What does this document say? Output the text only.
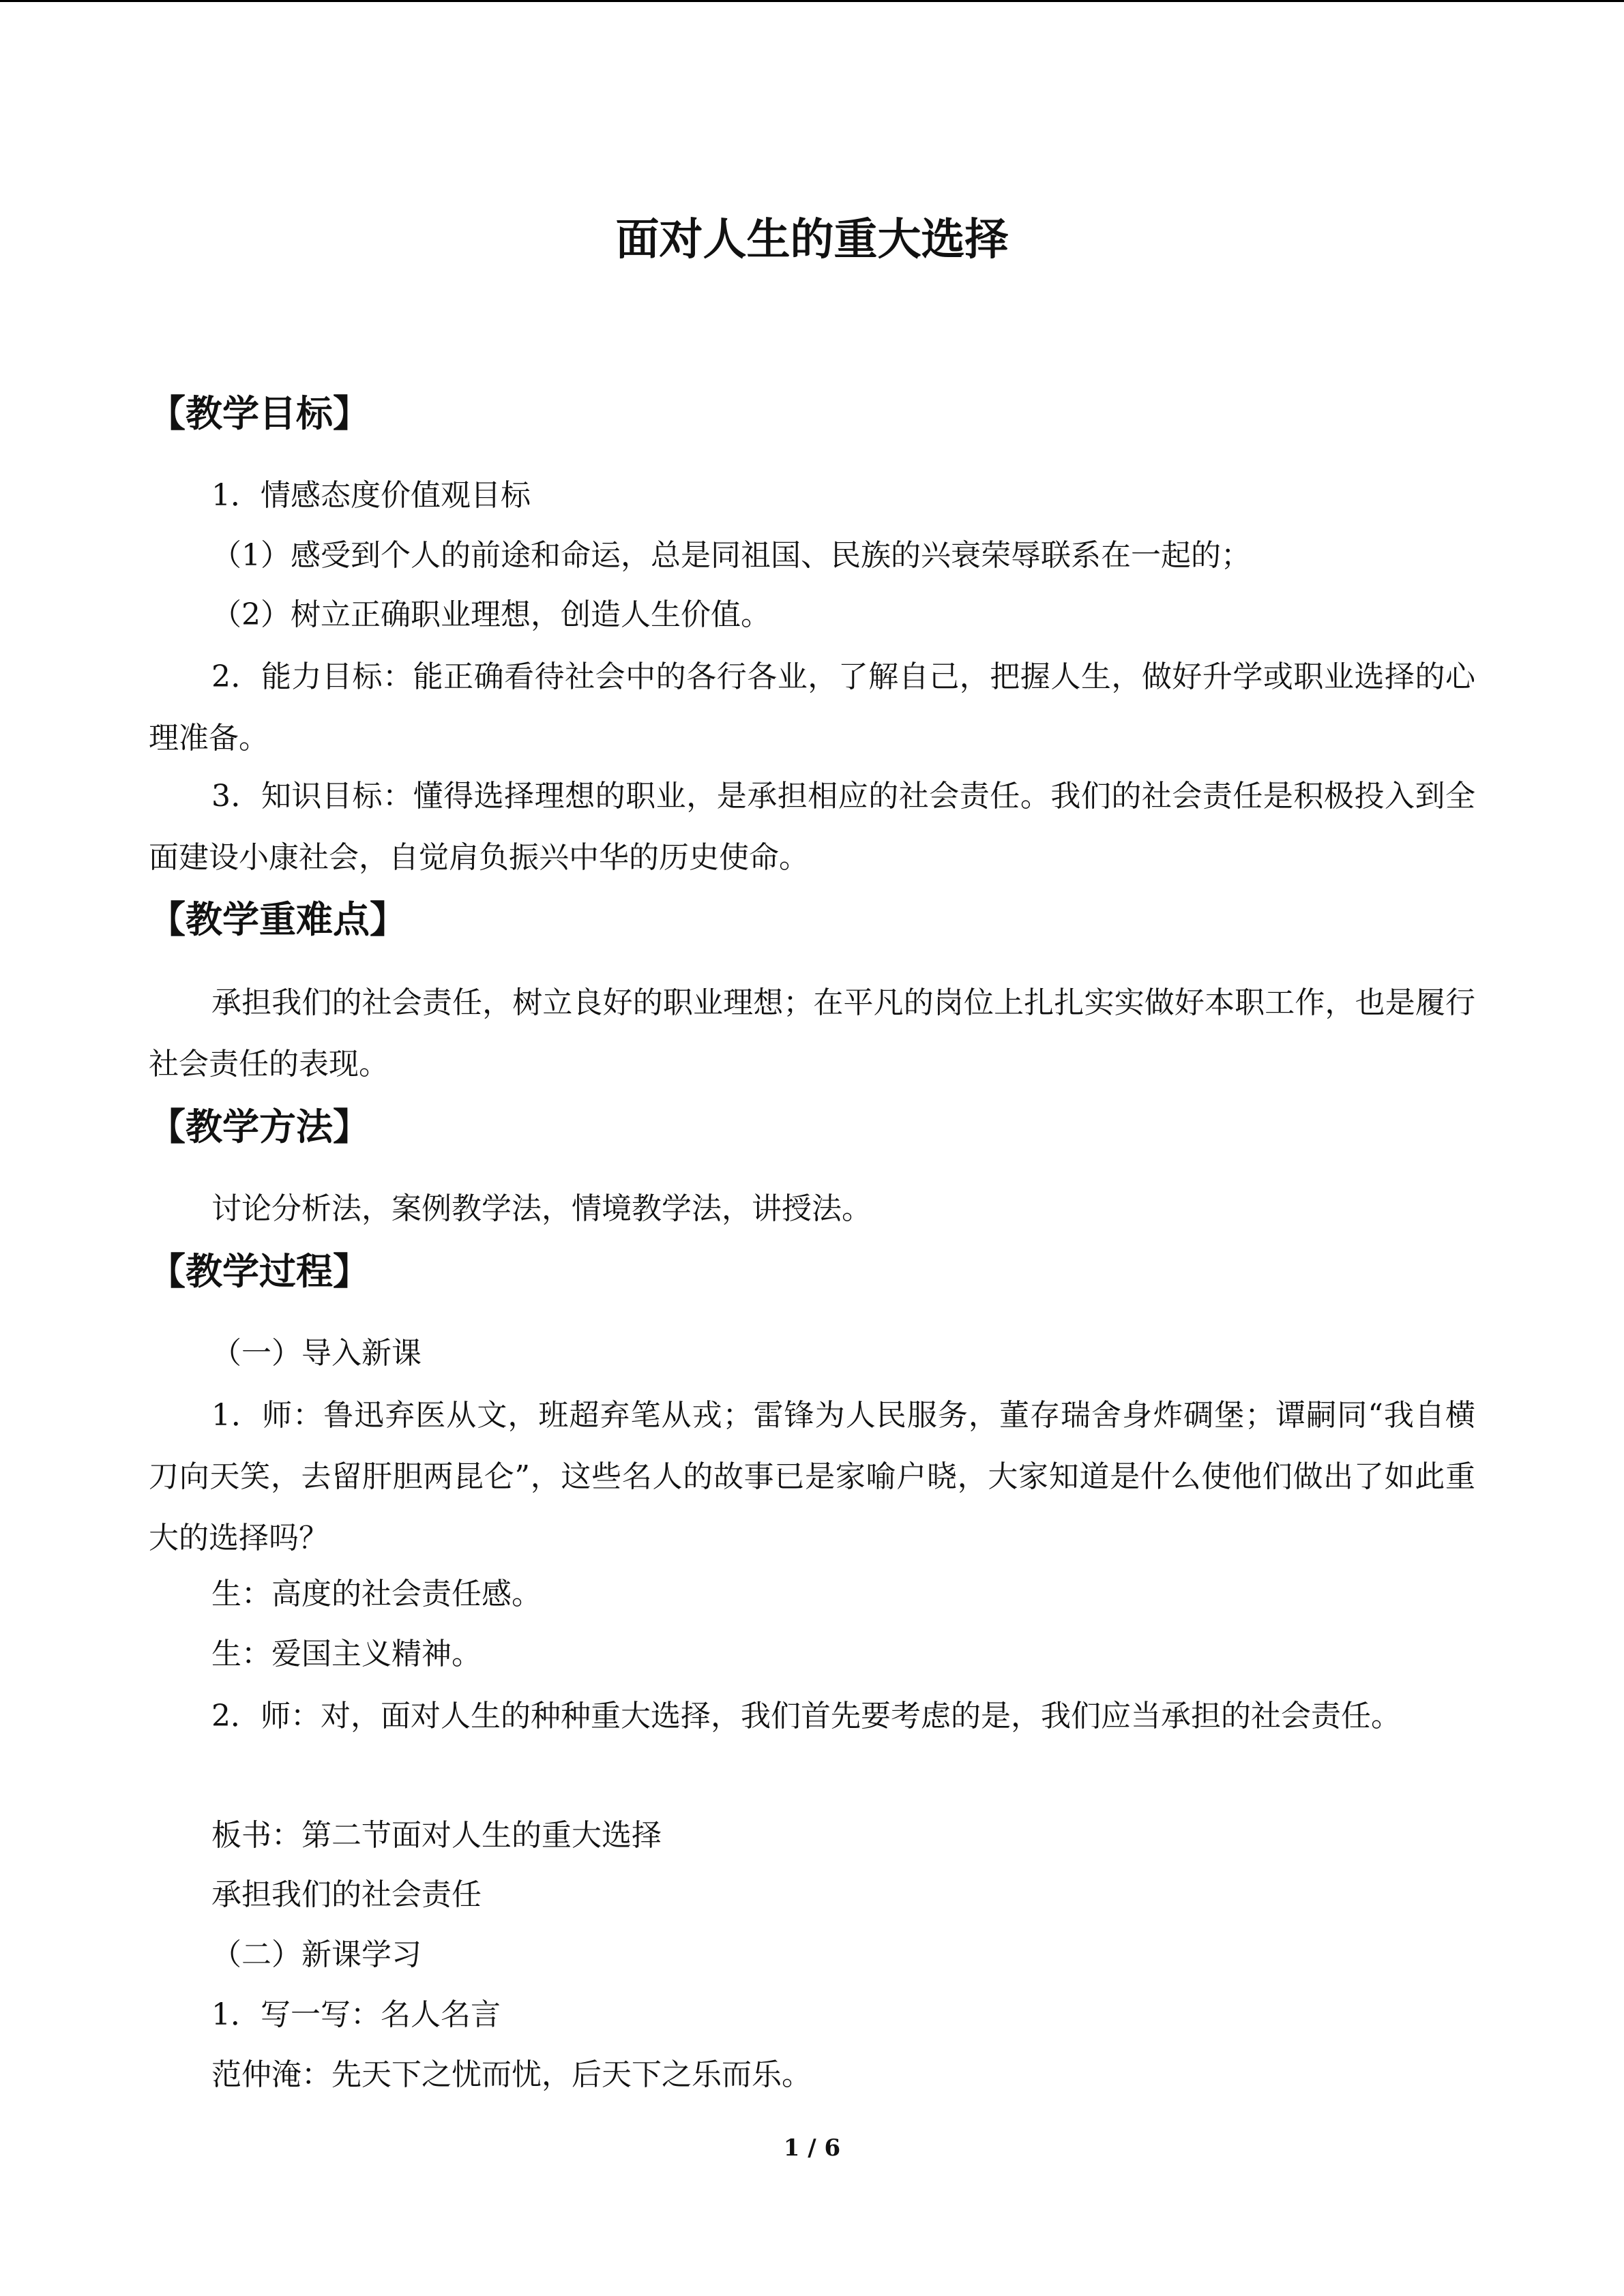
面对人生的重大选择
【教学目标】
1．情感态度价值观目标
（1）感受到个人的前途和命运，总是同祖国、民族的兴衰荣辱联系在一起的；
（2）树立正确职业理想，创造人生价值。
2．能力目标：能正确看待社会中的各行各业，了解自己，把握人生，做好升学或职业选择的心理准备。
3．知识目标：懂得选择理想的职业，是承担相应的社会责任。我们的社会责任是积极投入到全面建设小康社会，自觉肩负振兴中华的历史使命。
【教学重难点】
承担我们的社会责任，树立良好的职业理想；在平凡的岗位上扎扎实实做好本职工作，也是履行社会责任的表现。
【教学方法】
讨论分析法，案例教学法，情境教学法，讲授法。
【教学过程】
（一）导入新课
1．师：鲁迅弃医从文，班超弃笔从戎；雷锋为人民服务，董存瑞舍身炸碉堡；谭嗣同“我自横刀向天笑，去留肝胆两昆仑”，这些名人的故事已是家喻户晓，大家知道是什么使他们做出了如此重大的选择吗？
生：高度的社会责任感。
生：爱国主义精神。
2．师：对，面对人生的种种重大选择，我们首先要考虑的是，我们应当承担的社会责任。
板书：第二节面对人生的重大选择
承担我们的社会责任
（二）新课学习
1．写一写：名人名言
范仲淹：先天下之忧而忧，后天下之乐而乐。
1 / 6
